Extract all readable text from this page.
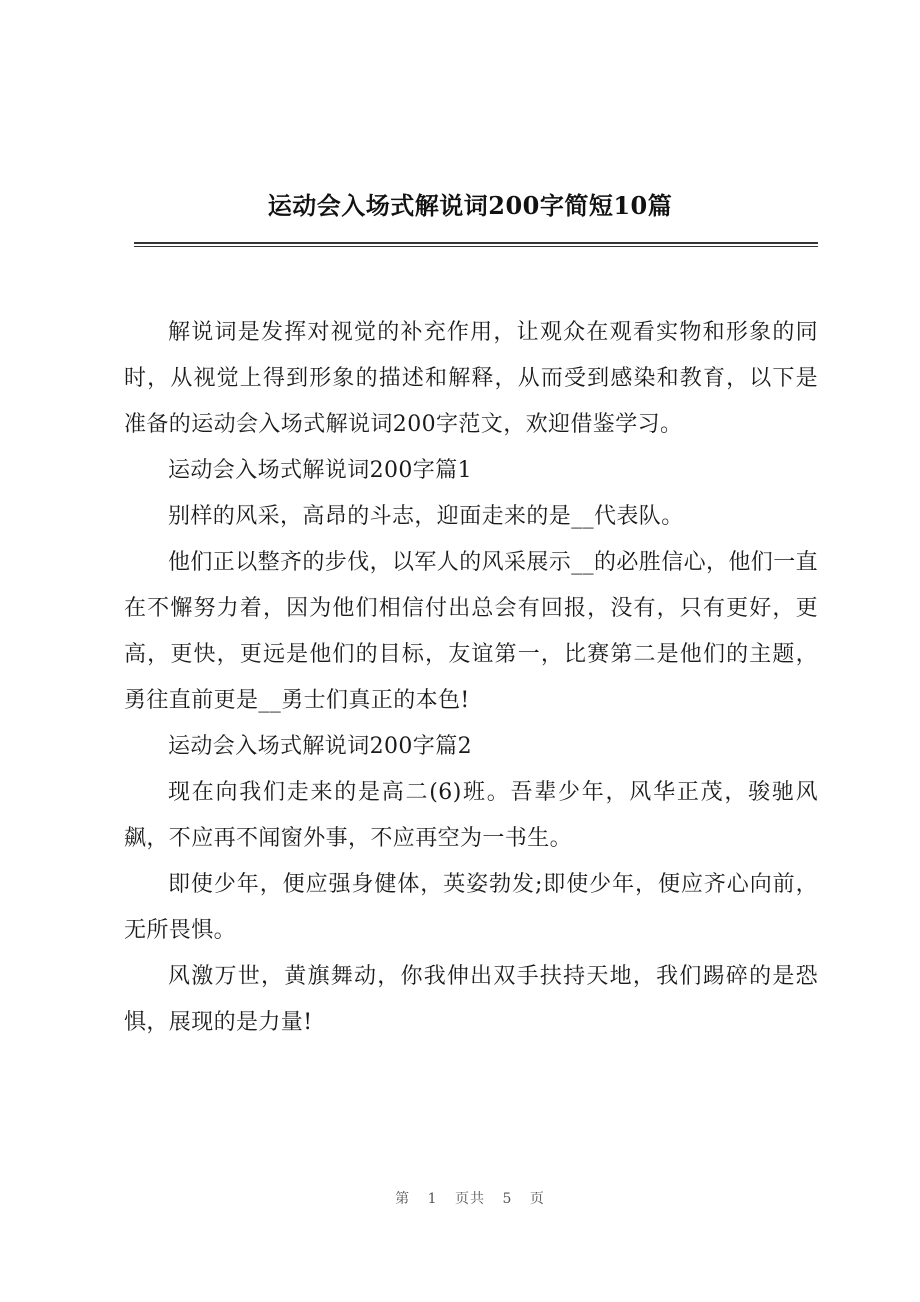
运动会入场式解说词200字简短10篇

解说词是发挥对视觉的补充作用，让观众在观看实物和形象的同时，从视觉上得到形象的描述和解释，从而受到感染和教育，以下是准备的运动会入场式解说词200字范文，欢迎借鉴学习。

运动会入场式解说词200字篇1

别样的风采，高昂的斗志，迎面走来的是__代表队。

他们正以整齐的步伐，以军人的风采展示__的必胜信心，他们一直在不懈努力着，因为他们相信付出总会有回报，没有，只有更好，更高，更快，更远是他们的目标，友谊第一，比赛第二是他们的主题，勇往直前更是__勇士们真正的本色!

运动会入场式解说词200字篇2

现在向我们走来的是高二(6)班。吾辈少年，风华正茂，骏驰风飙，不应再不闻窗外事，不应再空为一书生。

即使少年，便应强身健体，英姿勃发;即使少年，便应齐心向前，无所畏惧。

风激万世，黄旗舞动，你我伸出双手扶持天地，我们踢碎的是恐惧，展现的是力量!

第 1 页共 5 页
